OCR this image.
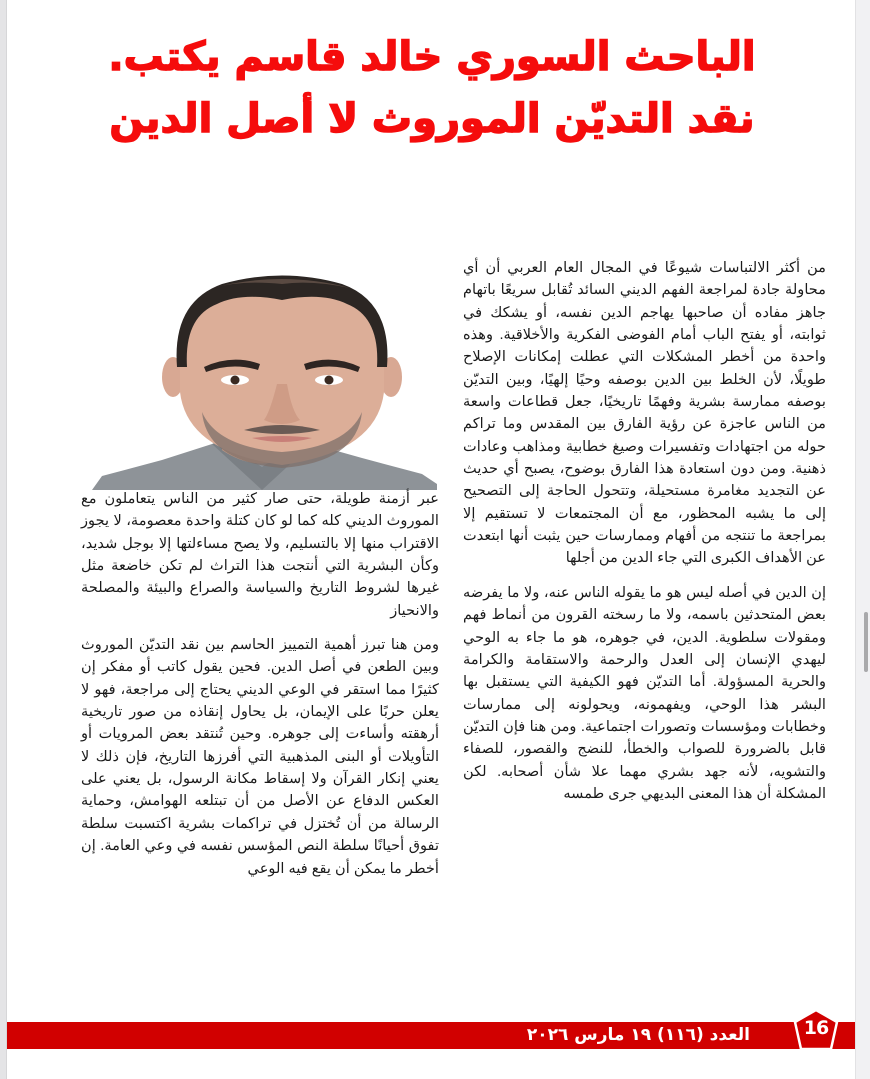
الباحث السوري خالد قاسم يكتب.
نقد التديّن الموروث لا أصل الدين

من أكثر الالتباسات شيوعًا في المجال العام العربي أن أي محاولة جادة لمراجعة الفهم الديني السائد تُقابل سريعًا باتهام جاهز مفاده أن صاحبها يهاجم الدين نفسه، أو يشكك في ثوابته، أو يفتح الباب أمام الفوضى الفكرية والأخلاقية. وهذه واحدة من أخطر المشكلات التي عطلت إمكانات الإصلاح طويلًا، لأن الخلط بين الدين بوصفه وحيًا إلهيًا، وبين التديّن بوصفه ممارسة بشرية وفهمًا تاريخيًا، جعل قطاعات واسعة من الناس عاجزة عن رؤية الفارق بين المقدس وما تراكم حوله من اجتهادات وتفسيرات وصيغ خطابية ومذاهب وعادات ذهنية. ومن دون استعادة هذا الفارق بوضوح، يصبح أي حديث عن التجديد مغامرة مستحيلة، وتتحول الحاجة إلى التصحيح إلى ما يشبه المحظور، مع أن المجتمعات لا تستقيم إلا بمراجعة ما تنتجه من أفهام وممارسات حين يثبت أنها ابتعدت عن الأهداف الكبرى التي جاء الدين من أجلها

إن الدين في أصله ليس هو ما يقوله الناس عنه، ولا ما يفرضه بعض المتحدثين باسمه، ولا ما رسخته القرون من أنماط فهم ومقولات سلطوية. الدين، في جوهره، هو ما جاء به الوحي ليهدي الإنسان إلى العدل والرحمة والاستقامة والكرامة والحرية المسؤولة. أما التديّن فهو الكيفية التي يستقبل بها البشر هذا الوحي، ويفهمونه، ويحولونه إلى ممارسات وخطابات ومؤسسات وتصورات اجتماعية. ومن هنا فإن التديّن قابل بالضرورة للصواب والخطأ، للنضج والقصور، للصفاء والتشويه، لأنه جهد بشري مهما علا شأن أصحابه. لكن المشكلة أن هذا المعنى البديهي جرى طمسه

عبر أزمنة طويلة، حتى صار كثير من الناس يتعاملون مع الموروث الديني كله كما لو كان كتلة واحدة معصومة، لا يجوز الاقتراب منها إلا بالتسليم، ولا يصح مساءلتها إلا بوجل شديد، وكأن البشرية التي أنتجت هذا التراث لم تكن خاضعة مثل غيرها لشروط التاريخ والسياسة والصراع والبيئة والمصلحة والانحياز

ومن هنا تبرز أهمية التمييز الحاسم بين نقد التديّن الموروث وبين الطعن في أصل الدين. فحين يقول كاتب أو مفكر إن كثيرًا مما استقر في الوعي الديني يحتاج إلى مراجعة، فهو لا يعلن حربًا على الإيمان، بل يحاول إنقاذه من صور تاريخية أرهقته وأساءت إلى جوهره. وحين تُنتقد بعض المرويات أو التأويلات أو البنى المذهبية التي أفرزها التاريخ، فإن ذلك لا يعني إنكار القرآن ولا إسقاط مكانة الرسول، بل يعني على العكس الدفاع عن الأصل من أن تبتلعه الهوامش، وحماية الرسالة من أن تُختزل في تراكمات بشرية اكتسبت سلطة تفوق أحيانًا سلطة النص المؤسس نفسه في وعي العامة. إن أخطر ما يمكن أن يقع فيه الوعي

العدد (١١٦) ١٩ مارس ٢٠٢٦	16
